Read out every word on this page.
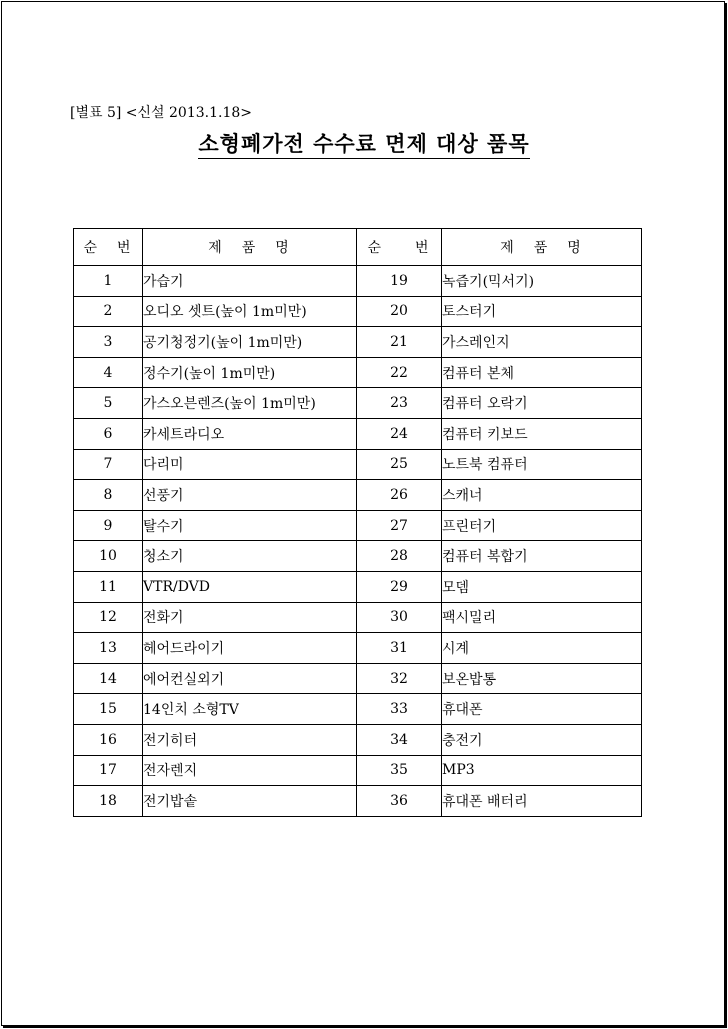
[별표 5] <신설 2013.1.18>
소형폐가전 수수료 면제 대상 품목
순 번	제 품 명	순 번	제 품 명
1	가습기	19	녹즙기(믹서기)
2	오디오 셋트(높이 1m미만)	20	토스터기
3	공기청정기(높이 1m미만)	21	가스레인지
4	정수기(높이 1m미만)	22	컴퓨터 본체
5	가스오븐렌즈(높이 1m미만)	23	컴퓨터 오락기
6	카세트라디오	24	컴퓨터 키보드
7	다리미	25	노트북 컴퓨터
8	선풍기	26	스캐너
9	탈수기	27	프린터기
10	청소기	28	컴퓨터 복합기
11	VTR/DVD	29	모뎀
12	전화기	30	팩시밀리
13	헤어드라이기	31	시계
14	에어컨실외기	32	보온밥통
15	14인치 소형TV	33	휴대폰
16	전기히터	34	충전기
17	전자렌지	35	MP3
18	전기밥솥	36	휴대폰 배터리
